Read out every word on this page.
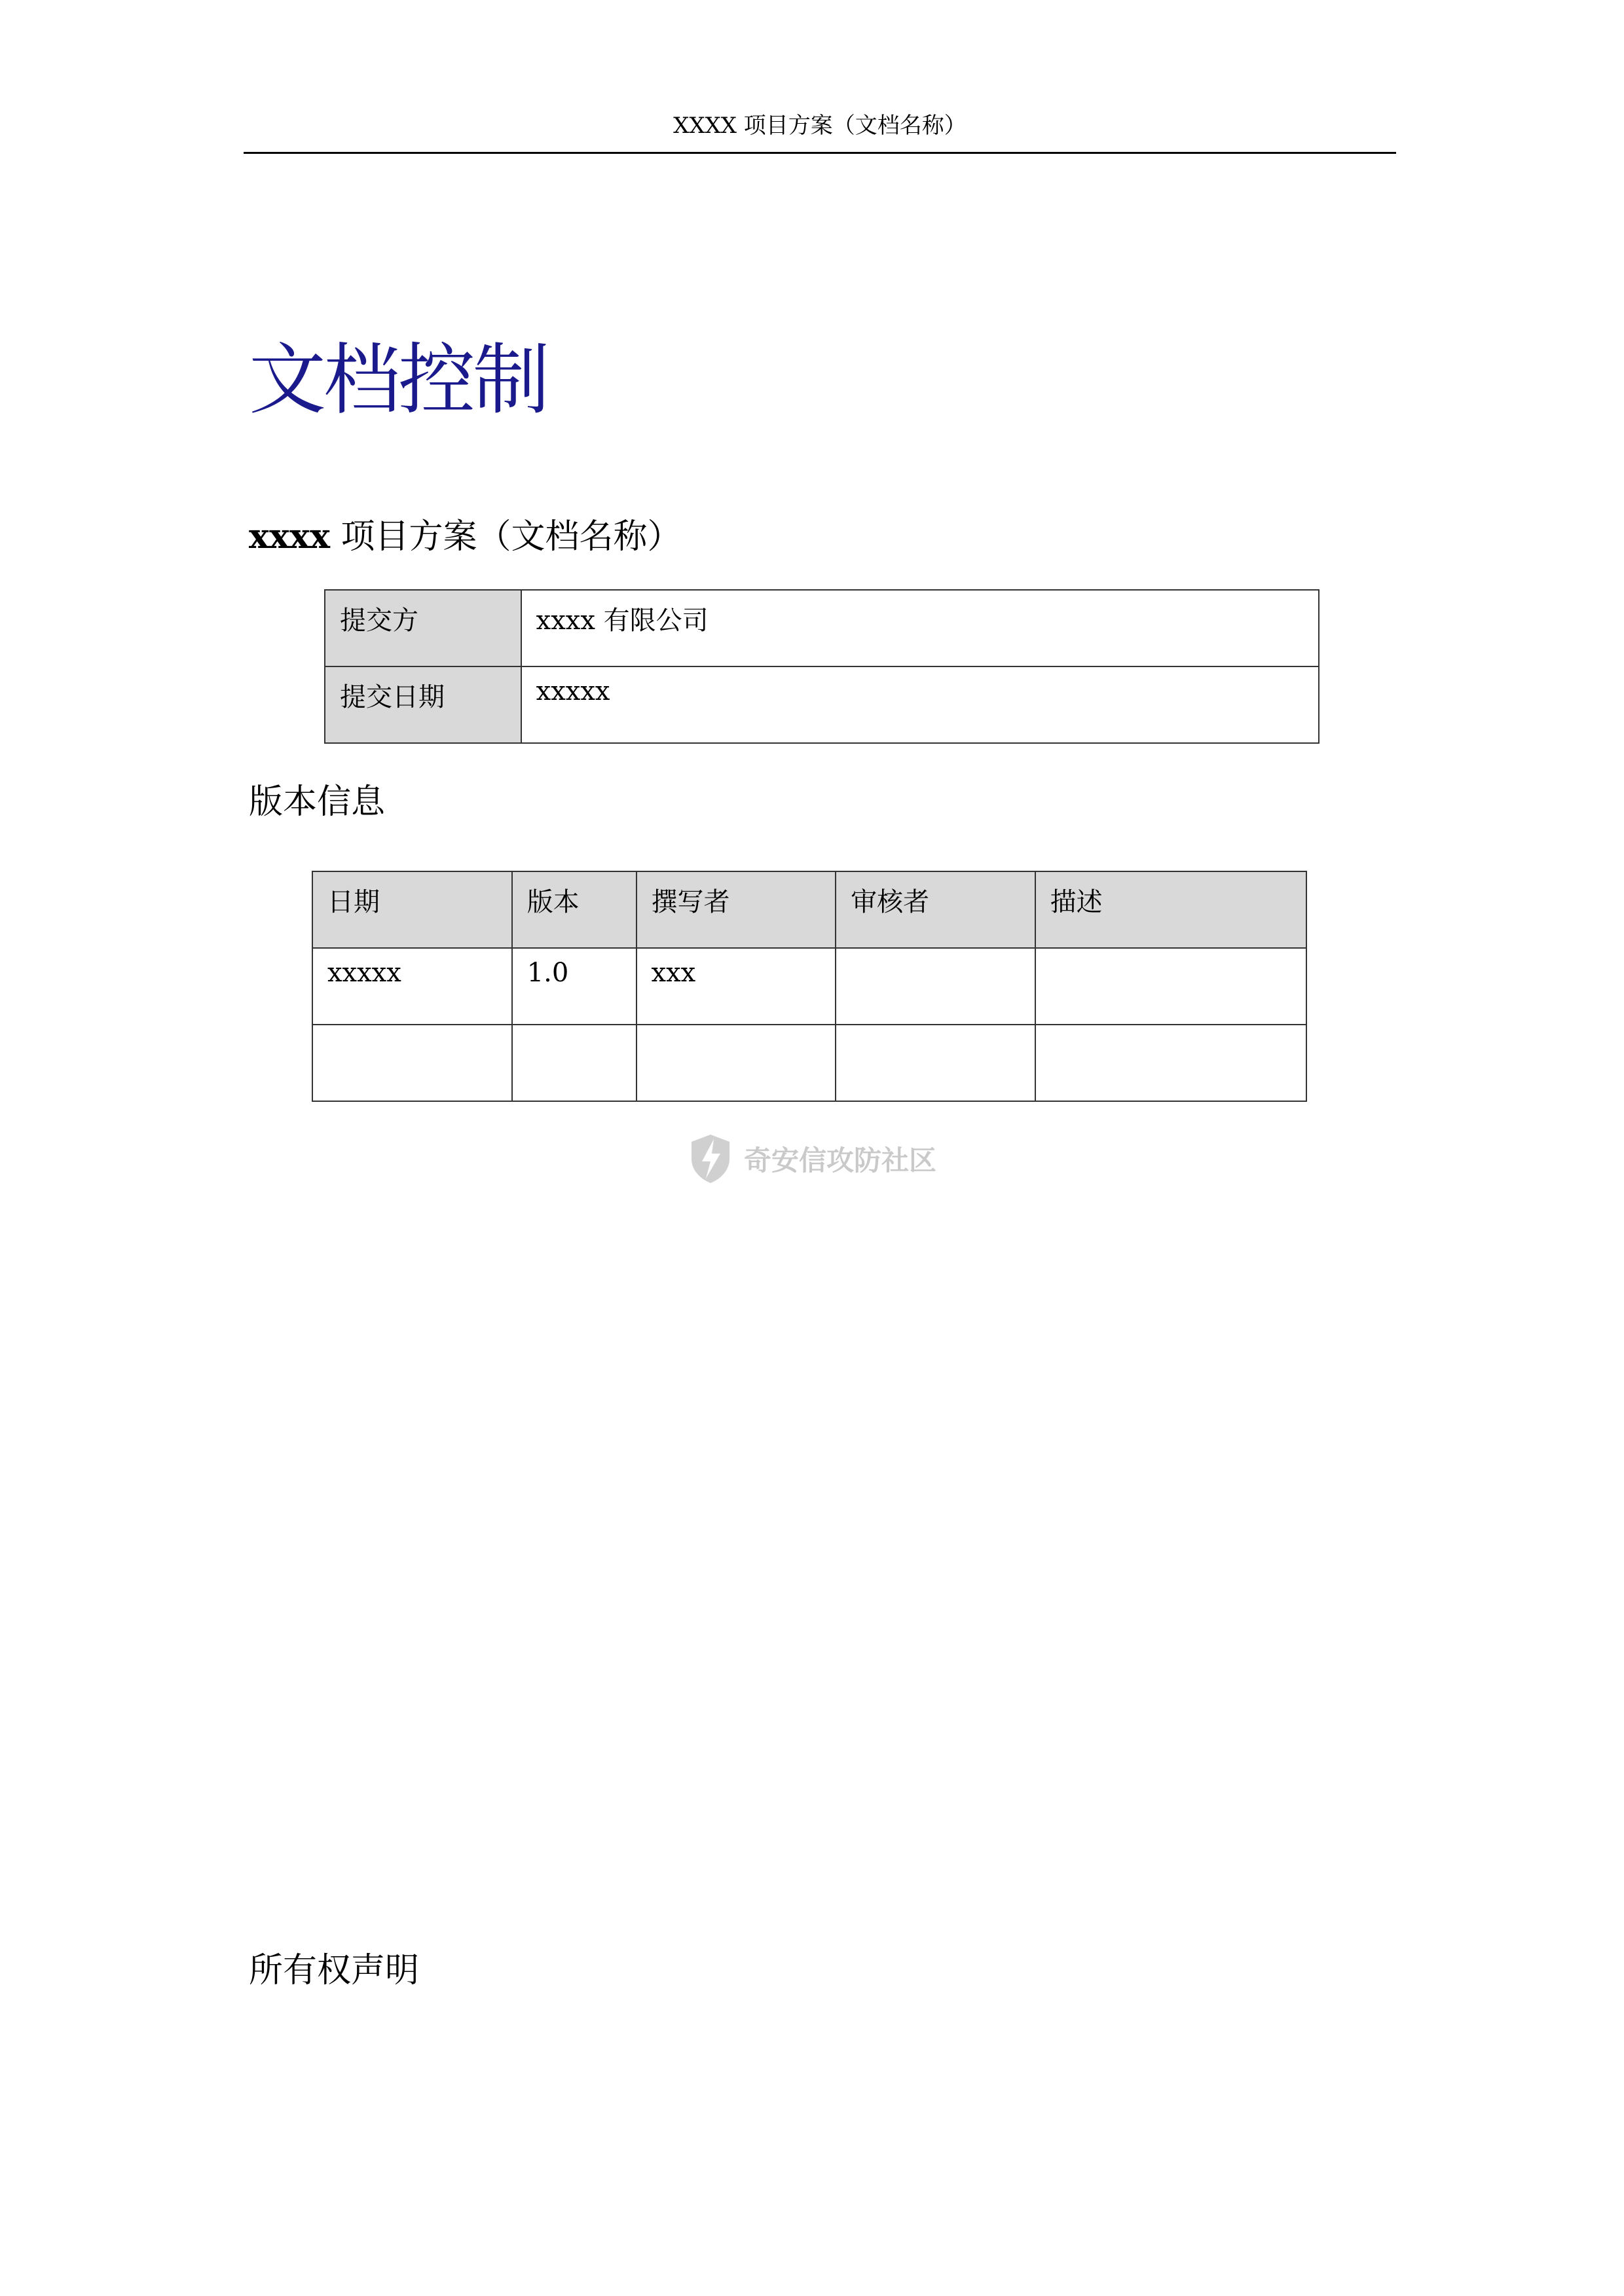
XXXX 项目方案（文档名称）
文档控制
xxxx 项目方案（文档名称）
提交方	xxxx 有限公司
提交日期	xxxxx
版本信息
日期	版本	撰写者	审核者	描述
xxxxx	1.0	xxx		

奇安信攻防社区
所有权声明
